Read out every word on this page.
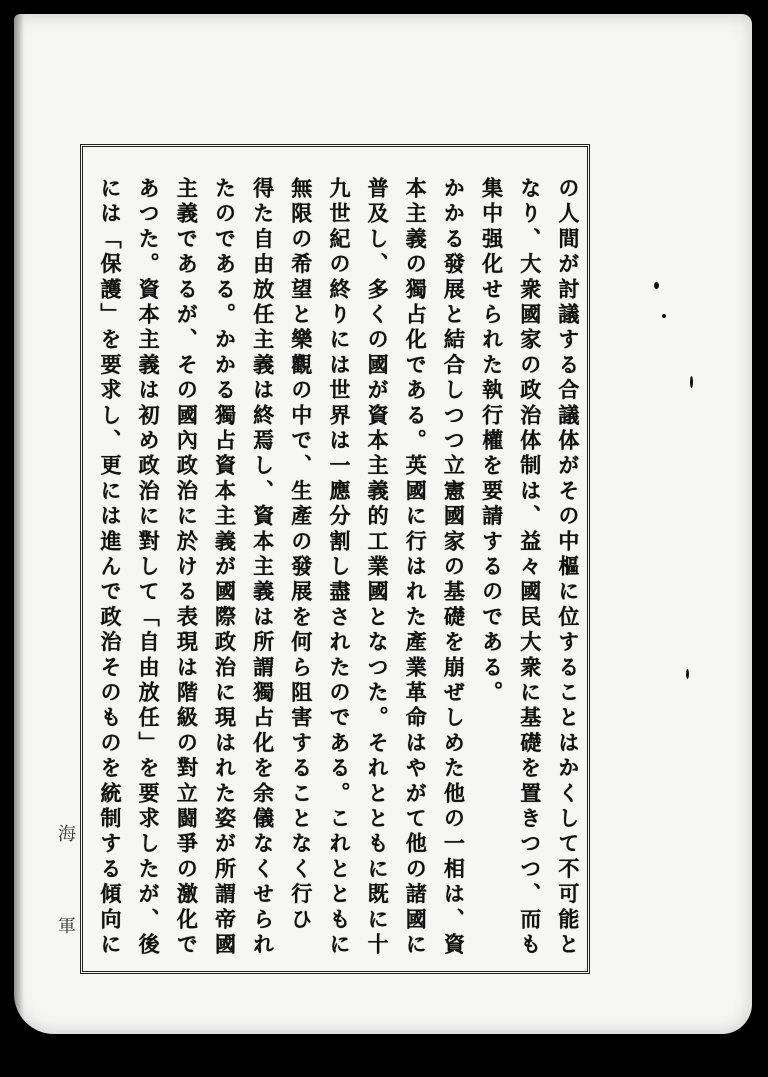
の人間が討議する合議体がその中樞に位することはかくして不可能と
なり、大衆國家の政治体制は、益々國民大衆に基礎を置きつつ、而も
集中强化せられた執行權を要請するのである。
かかる發展と結合しつつ立憲國家の基礎を崩ぜしめた他の一相は、資
本主義の獨占化である。英國に行はれた產業革命はやがて他の諸國に
普及し、多くの國が資本主義的工業國となつた。それとともに既に十
九世紀の終りには世界は一應分割し盡されたのである。これとともに
無限の希望と樂觀の中で、生產の發展を何ら阻害することなく行ひ
得た自由放任主義は終焉し、資本主義は所謂獨占化を余儀なくせられ
たのである。かかる獨占資本主義が國際政治に現はれた姿が所謂帝國
主義であるが、その國內政治に於ける表現は階級の對立闘爭の激化で
あつた。資本主義は初め政治に對して「自由放任」を要求したが、後
には「保護」を要求し、更には進んで政治そのものを統制する傾向に
海
軍
